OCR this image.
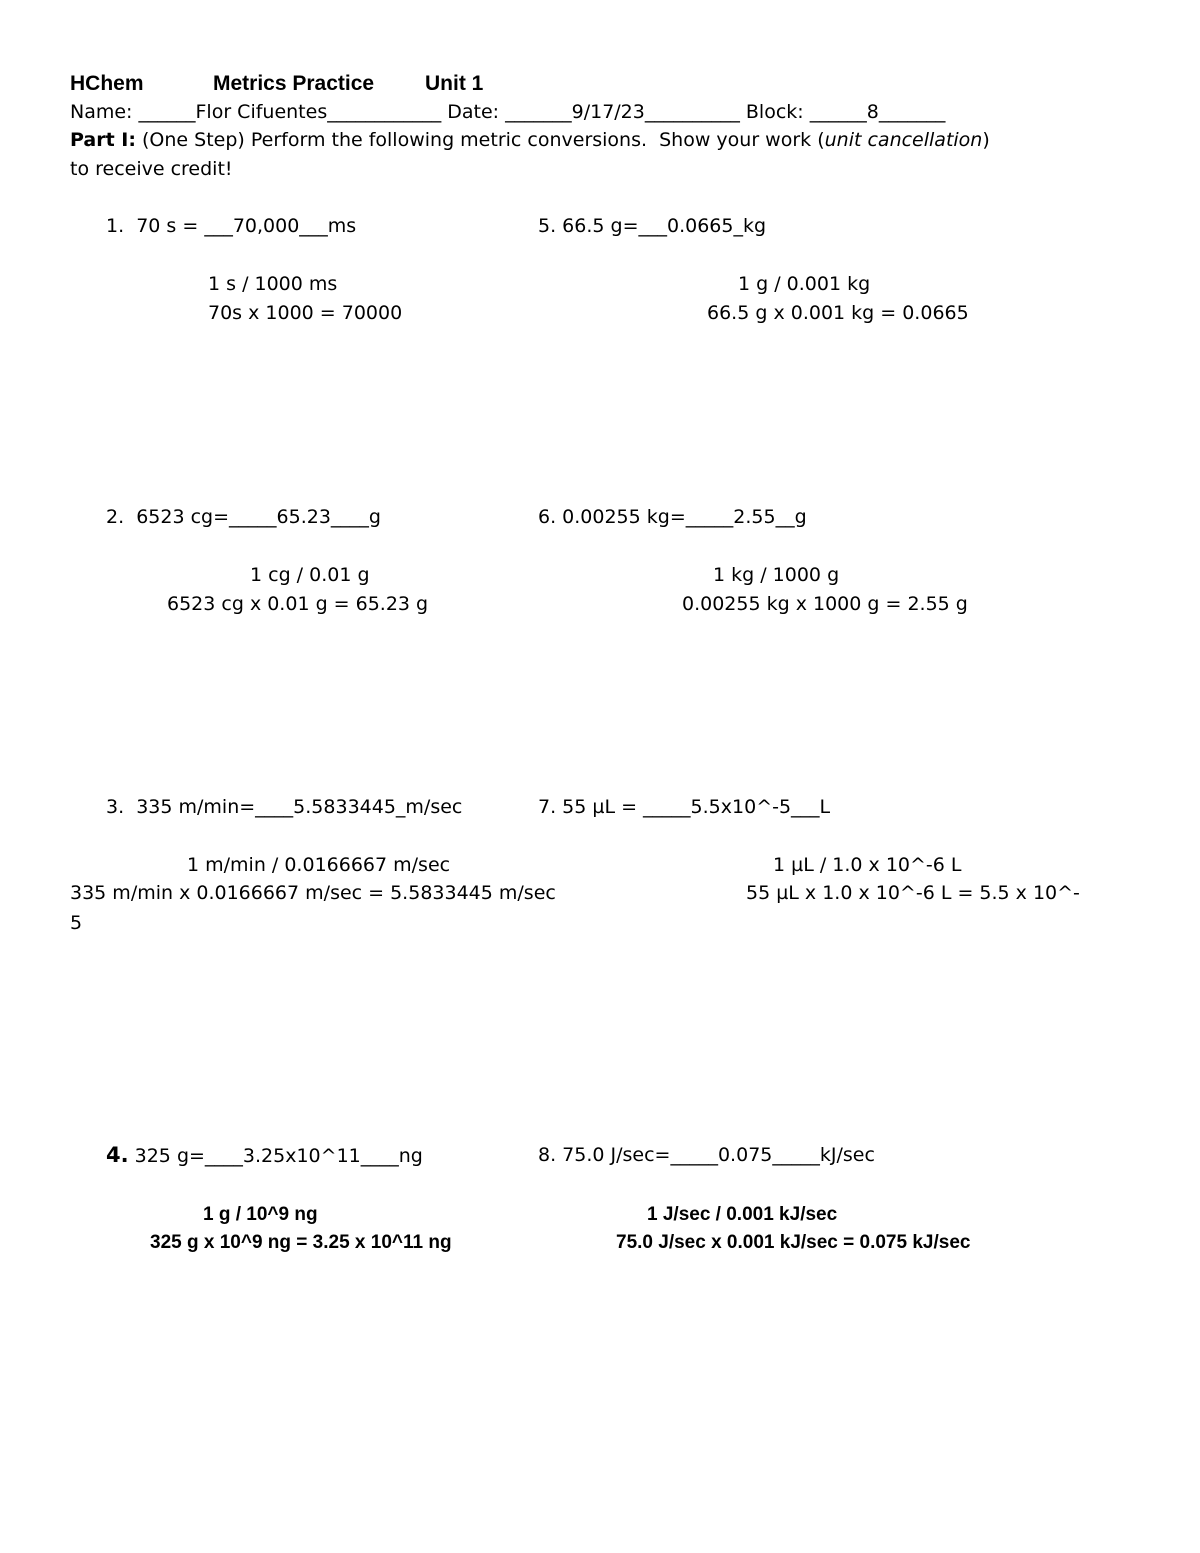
HChem	Metrics Practice Unit 1
Name: ______Flor Cifuentes____________ Date: _______9/17/23__________ Block: ______8_______
Part I: (One Step) Perform the following metric conversions.  Show your work (unit cancellation)
to receive credit!
1.  70 s = ___70,000___ms
1 s / 1000 ms
70s x 1000 = 70000
5. 66.5 g=___0.0665_kg
1 g / 0.001 kg
66.5 g x 0.001 kg = 0.0665
2.  6523 cg=_____65.23____g
1 cg / 0.01 g
6523 cg x 0.01 g = 65.23 g
6. 0.00255 kg=_____2.55__g
1 kg / 1000 g
0.00255 kg x 1000 g = 2.55 g
3.  335 m/min=____5.5833445_m/sec
1 m/min / 0.0166667 m/sec
335 m/min x 0.0166667 m/sec = 5.5833445 m/sec
5
7. 55 µL = _____5.5x10^-5___L
1 µL / 1.0 x 10^-6 L
55 µL x 1.0 x 10^-6 L = 5.5 x 10^-
4. 325 g=____3.25x10^11____ng
1 g / 10^9 ng
325 g x 10^9 ng = 3.25 x 10^11 ng
8. 75.0 J/sec=_____0.075_____kJ/sec
1 J/sec / 0.001 kJ/sec
75.0 J/sec x 0.001 kJ/sec = 0.075 kJ/sec
